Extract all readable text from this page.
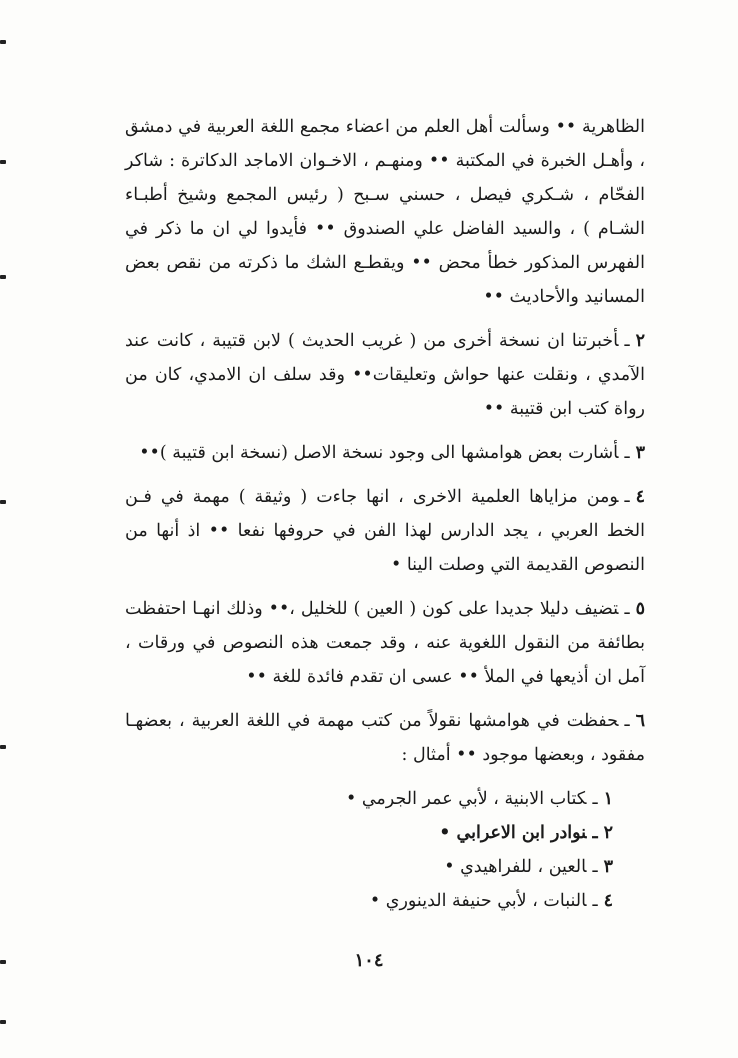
الظاهرية •• وسألت أهل العلم من اعضاء مجمع اللغة العربية في دمشق ، وأهـل الخبرة في المكتبة •• ومنهـم ، الاخـوان الاماجد الدكاترة : شاكر الفحّام ، شـكري فيصل ، حسني سـبح ( رئيس المجمع وشيخ أطبـاء الشـام ) ، والسيد الفاضل علي الصندوق •• فأيدوا لي ان ما ذكر في الفهرس المذكور خطأ محض •• ويقطـع الشك ما ذكرته من نقص بعض المسانيد والأحاديث ••

٢ـأخبرتنا ان نسخة أخرى من ( غريب الحديث ) لابن قتيبة ، كانت عند الآمدي ، ونقلت عنها حواش وتعليقات•• وقد سلف ان الامدي، كان من رواة كتب ابن قتيبة ••
٣ـأشارت بعض هوامشها الى وجود نسخة الاصل (نسخة ابن قتيبة )••
٤ـومن مزاياها العلمية الاخرى ، انها جاءت ( وثيقة ) مهمة في فـن الخط العربي ، يجد الدارس لهذا الفن في حروفها نفعا •• اذ أنها من النصوص القديمة التي وصلت الينا •
٥ـتضيف دليلا جديدا على كون ( العين ) للخليل ،•• وذلك انهـا احتفظت بطائفة من النقول اللغوية عنه ، وقد جمعت هذه النصوص في ورقات ، آمل ان أذيعها في الملأ •• عسى ان تقدم فائدة للغة ••
٦ـحفظت في هوامشها نقولاً من كتب مهمة في اللغة العربية ، بعضهـا مفقود ، وبعضها موجود •• أمثال :
١ـكتاب الابنية ، لأبي عمر الجرمي •
٢ـنوادر ابن الاعرابي •
٣ـالعين ، للفراهيدي •
٤ـالنبات ، لأبي حنيفة الدينوري •
١٠٤
